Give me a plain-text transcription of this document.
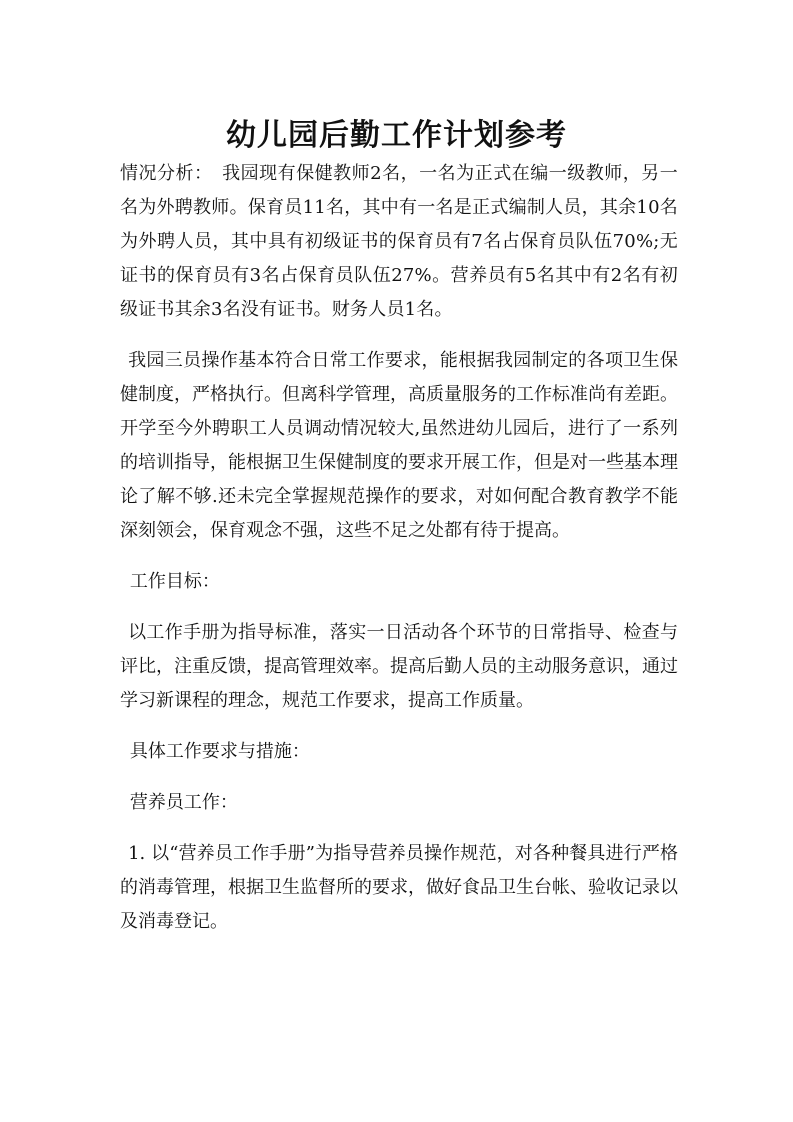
幼儿园后勤工作计划参考

情况分析：　我园现有保健教师2名，一名为正式在编一级教师，另一名为外聘教师。保育员11名，其中有一名是正式编制人员，其余10名为外聘人员，其中具有初级证书的保育员有7名占保育员队伍70%;无证书的保育员有3名占保育员队伍27%。营养员有5名其中有2名有初级证书其余3名没有证书。财务人员1名。

我园三员操作基本符合日常工作要求，能根据我园制定的各项卫生保健制度，严格执行。但离科学管理，高质量服务的工作标准尚有差距。开学至今外聘职工人员调动情况较大,虽然进幼儿园后，进行了一系列的培训指导，能根据卫生保健制度的要求开展工作，但是对一些基本理论了解不够.还未完全掌握规范操作的要求，对如何配合教育教学不能深刻领会，保育观念不强，这些不足之处都有待于提高。

工作目标：

以工作手册为指导标准，落实一日活动各个环节的日常指导、检查与评比，注重反馈，提高管理效率。提高后勤人员的主动服务意识，通过学习新课程的理念，规范工作要求，提高工作质量。

具体工作要求与措施：

营养员工作：

1. 以“营养员工作手册”为指导营养员操作规范，对各种餐具进行严格的消毒管理，根据卫生监督所的要求，做好食品卫生台帐、验收记录以及消毒登记。
